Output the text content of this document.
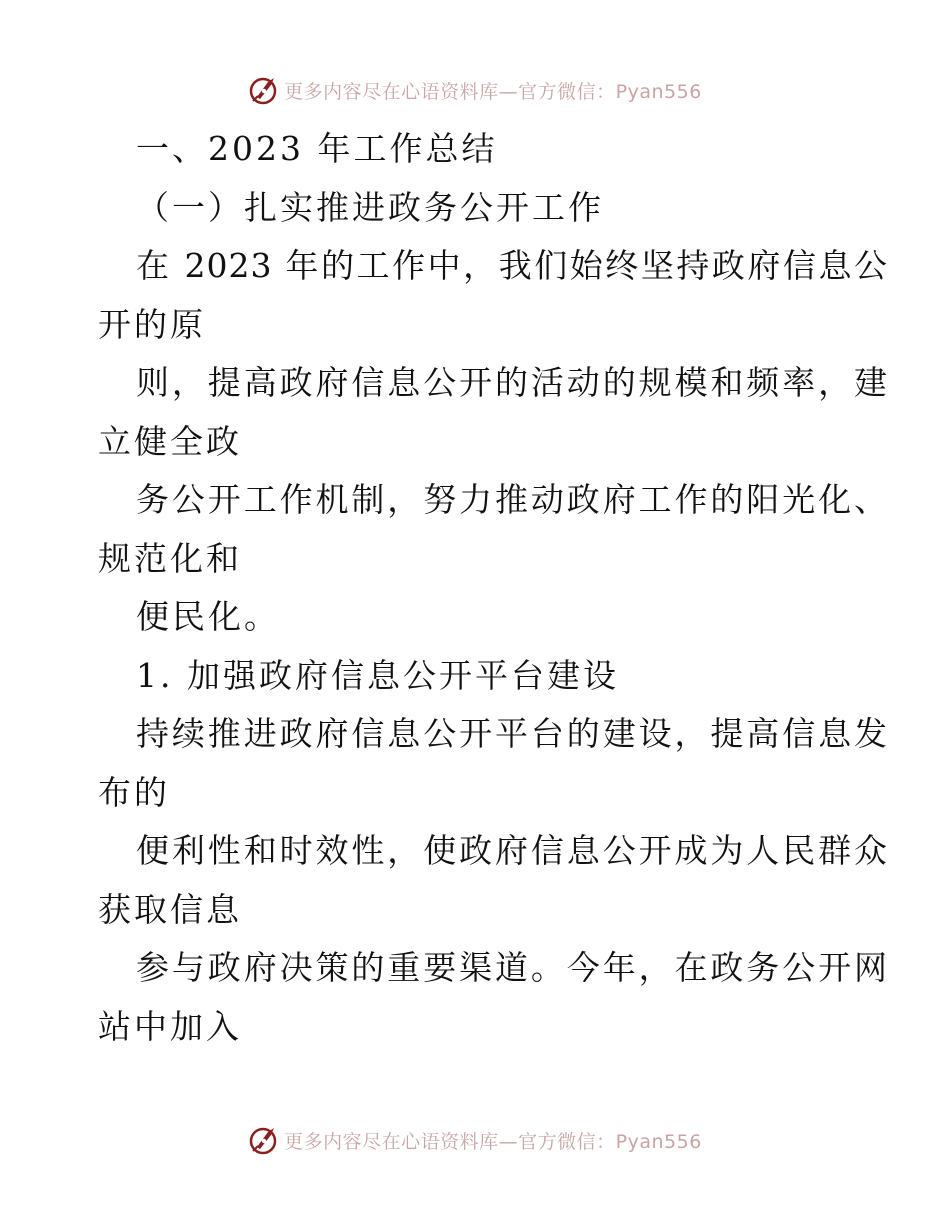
更多内容尽在心语资料库—官方微信：Pyan556
一、2023 年工作总结
（一）扎实推进政务公开工作
在 2023 年的工作中，我们始终坚持政府信息公
开的原
则，提高政府信息公开的活动的规模和频率，建
立健全政
务公开工作机制，努力推动政府工作的阳光化、
规范化和
便民化。
1. 加强政府信息公开平台建设
持续推进政府信息公开平台的建设，提高信息发
布的
便利性和时效性，使政府信息公开成为人民群众
获取信息
参与政府决策的重要渠道。今年，在政务公开网
站中加入
更多内容尽在心语资料库—官方微信：Pyan556
